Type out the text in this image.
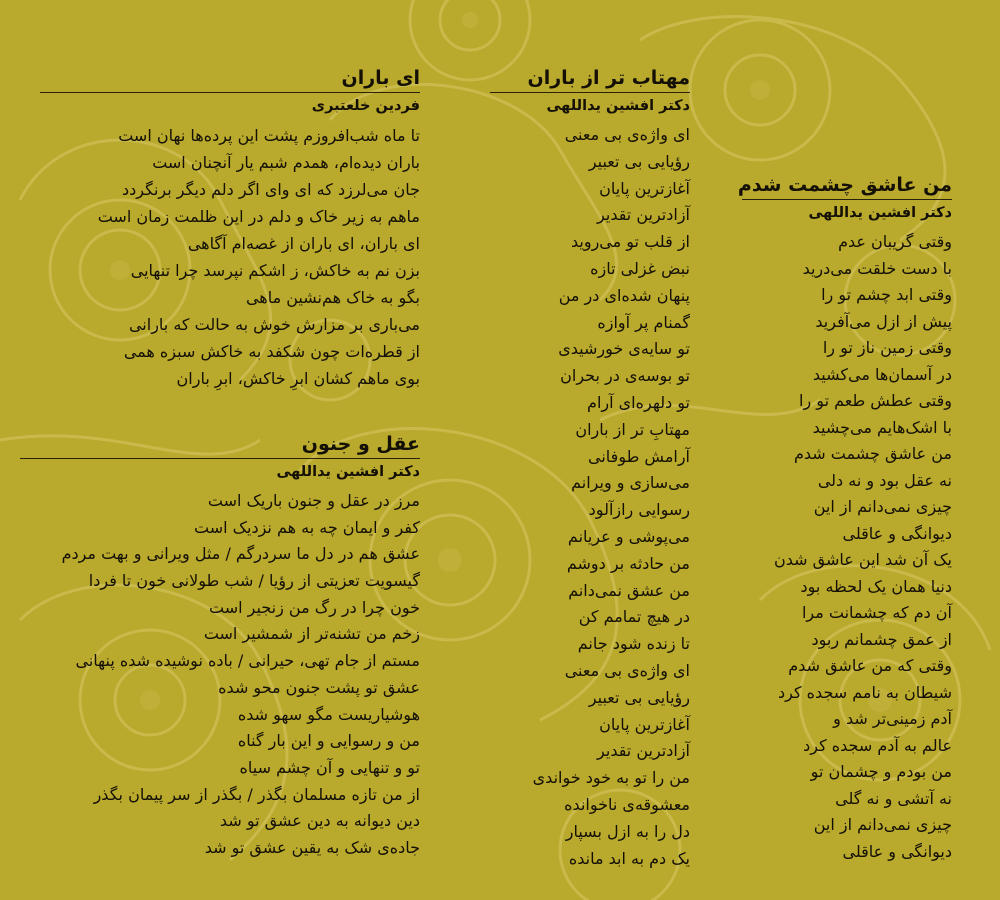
ای باران
فردین خلعتبری
تا ماه شب‌افروزم پشت این پرده‌ها نهان است
باران دیده‌ام، همدم شبم یار آنچنان است
جان می‌لرزد که ای وای اگر دلم دیگر برنگردد
ماهم به زیر خاک و دلم در این ظلمت زمان است
ای باران، ای باران از غصه‌ام آگاهی
بزن نم به خاکش، ز اشکم نپرسد چرا تنهایی
بگو به خاک هم‌نشین ماهی
می‌باری بر مزارش خوش به حالت که بارانی
از قطره‌ات چون شکفد به خاکش سبزه همی
بوی ماهم کشان ابرِ خاکش، ابرِ باران
عقل و جنون
دکتر افشین یداللهی
مرز در عقل و جنون باریک است
کفر و ایمان چه به هم نزدیک است
عشق هم در دل ما سردرگم / مثل ویرانی و بهت مردم
گیسویت تعزیتی از رؤیا / شب طولانی خون تا فردا
خون چرا در رگ من زنجیر است
زخم من تشنه‌تر از شمشیر است
مستم از جام تهی، حیرانی / باده نوشیده شده پنهانی
عشق تو پشت جنون محو شده
هوشیاریست مگو سهو شده
من و رسوایی و این بار گناه
تو و تنهایی و آن چشم سیاه
از من تازه مسلمان بگذر / بگذر از سر پیمان بگذر
دین دیوانه به دین عشق تو شد
جاده‌ی شک به یقین عشق تو شد
مهتاب تر از باران
دکتر افشین یداللهی
ای واژه‌ی بی معنی
رؤیایی بی تعبیر
آغازترین پایان
آزادترین تقدیر
از قلب تو می‌روید
نبض غزلی تازه
پنهان شده‌ای در من
گمنام پر آوازه
تو سایه‌ی خورشیدی
تو بوسه‌ی در بحران
تو دلهره‌ای آرام
مهتابِ تر از باران
آرامش طوفانی
می‌سازی و ویرانم
رسوایی رازآلود
می‌پوشی و عریانم
من حادثه بر دوشم
من عشق نمی‌دانم
در هیچ تمامم کن
تا زنده شود جانم
ای واژه‌ی بی معنی
رؤیایی بی تعبیر
آغازترین پایان
آزادترین تقدیر
من را تو به خود خواندی
معشوقه‌ی ناخوانده
دل را به ازل بسپار
یک دم به ابد مانده
من عاشق چشمت شدم
دکتر افشین یداللهی
وقتی گریبان عدم
با دست خلقت می‌درید
وقتی ابد چشم تو را
پیش از ازل می‌آفرید
وقتی زمین ناز تو را
در آسمان‌ها می‌کشید
وقتی عطش طعم تو را
با اشک‌هایم می‌چشید
من عاشق چشمت شدم
نه عقل بود و نه دلی
چیزی نمی‌دانم از این
دیوانگی و عاقلی
یک آن شد این عاشق شدن
دنیا همان یک لحظه بود
آن دم که چشمانت مرا
از عمق چشمانم ربود
وقتی که من عاشق شدم
شیطان به نامم سجده کرد
آدم زمینی‌تر شد و
عالم به آدم سجده کرد
من بودم و چشمان تو
نه آتشی و نه گلی
چیزی نمی‌دانم از این
دیوانگی و عاقلی
